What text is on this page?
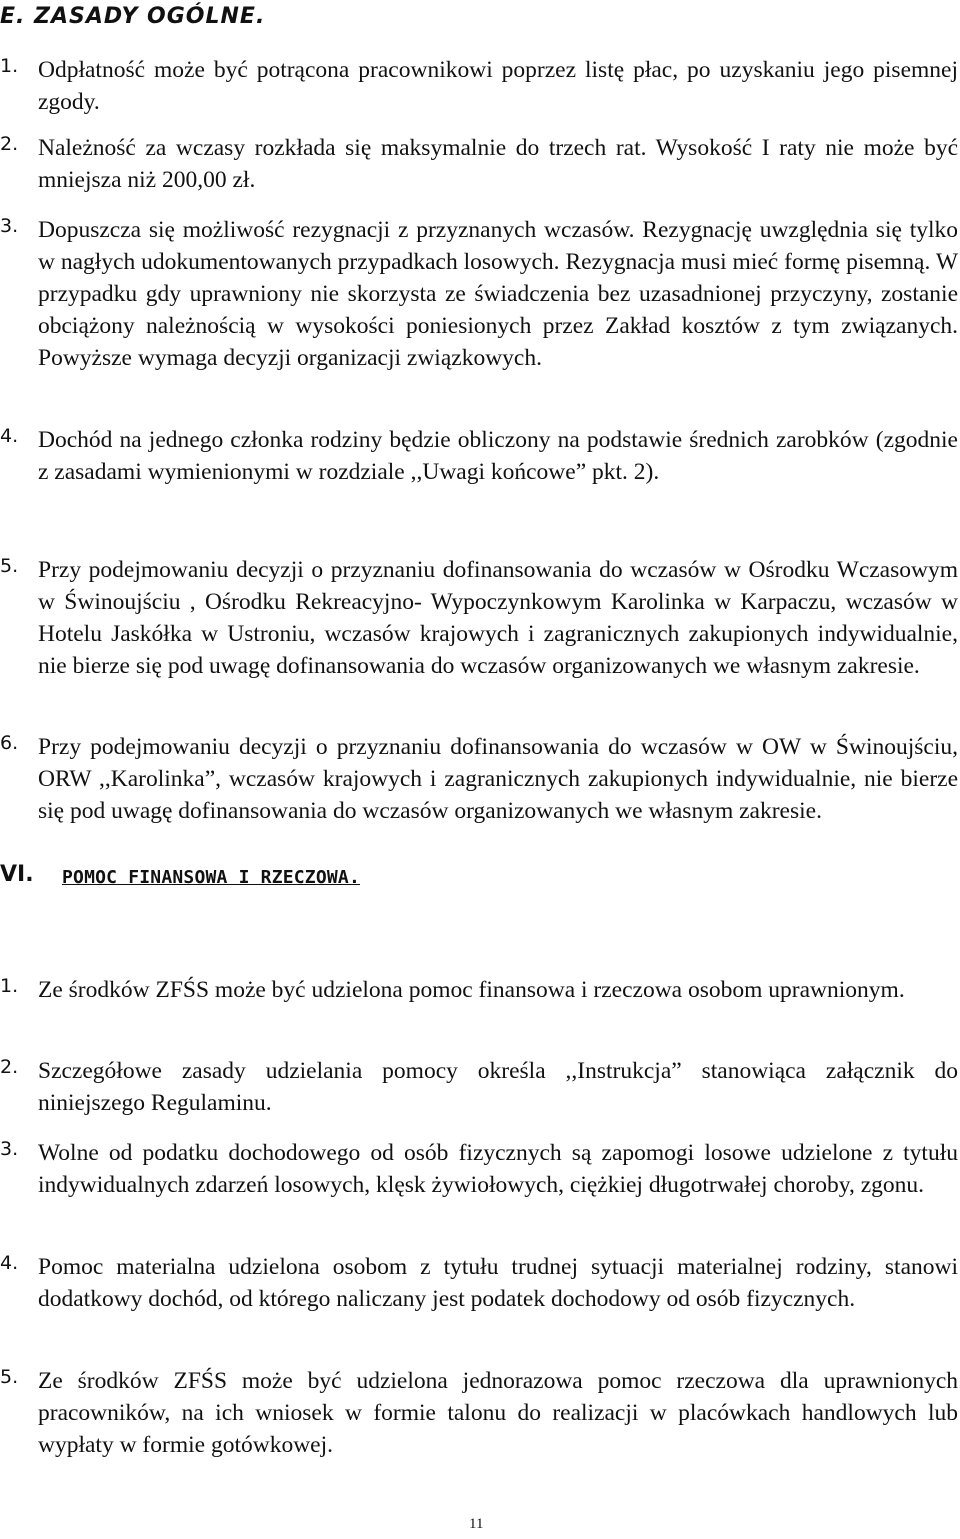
E. ZASADY OGÓLNE.
1. Odpłatność może być potrącona pracownikowi poprzez listę płac, po uzyskaniu jego pisemnej zgody.
2. Należność za wczasy rozkłada się maksymalnie do trzech rat. Wysokość I raty nie może być mniejsza niż 200,00 zł.
3. Dopuszcza się możliwość rezygnacji z przyznanych wczasów. Rezygnację uwzględnia się tylko w nagłych udokumentowanych przypadkach losowych. Rezygnacja musi mieć formę pisemną. W przypadku gdy uprawniony nie skorzysta ze świadczenia bez uzasadnionej przyczyny, zostanie obciążony należnością w wysokości poniesionych przez Zakład kosztów z tym związanych. Powyższe wymaga decyzji organizacji związkowych.
4. Dochód na jednego członka rodziny będzie obliczony na podstawie średnich zarobków (zgodnie z zasadami wymienionymi w rozdziale ,,Uwagi końcowe” pkt. 2).
5. Przy podejmowaniu decyzji o przyznaniu dofinansowania do wczasów w Ośrodku Wczasowym w Świnoujściu , Ośrodku Rekreacyjno- Wypoczynkowym Karolinka w Karpaczu, wczasów w Hotelu Jaskółka w Ustroniu, wczasów krajowych i zagranicznych zakupionych indywidualnie, nie bierze się pod uwagę dofinansowania do wczasów organizowanych we własnym zakresie.
6. Przy podejmowaniu decyzji o przyznaniu dofinansowania do wczasów w OW w Świnoujściu, ORW ,,Karolinka”, wczasów krajowych i zagranicznych zakupionych indywidualnie, nie bierze się pod uwagę dofinansowania do wczasów organizowanych we własnym zakresie.
VI. POMOC FINANSOWA I RZECZOWA.
1. Ze środków ZFŚS może być udzielona pomoc finansowa i rzeczowa osobom uprawnionym.
2. Szczegółowe zasady udzielania pomocy określa ,,Instrukcja” stanowiąca załącznik do niniejszego Regulaminu.
3. Wolne od podatku dochodowego od osób fizycznych są zapomogi losowe udzielone z tytułu indywidualnych zdarzeń losowych, klęsk żywiołowych, ciężkiej długotrwałej choroby, zgonu.
4. Pomoc materialna udzielona osobom z tytułu trudnej sytuacji materialnej rodziny, stanowi dodatkowy dochód, od którego naliczany jest podatek dochodowy od osób fizycznych.
5. Ze środków ZFŚS może być udzielona jednorazowa pomoc rzeczowa dla uprawnionych pracowników, na ich wniosek w formie talonu do realizacji w placówkach handlowych lub wypłaty w formie gotówkowej.
11
